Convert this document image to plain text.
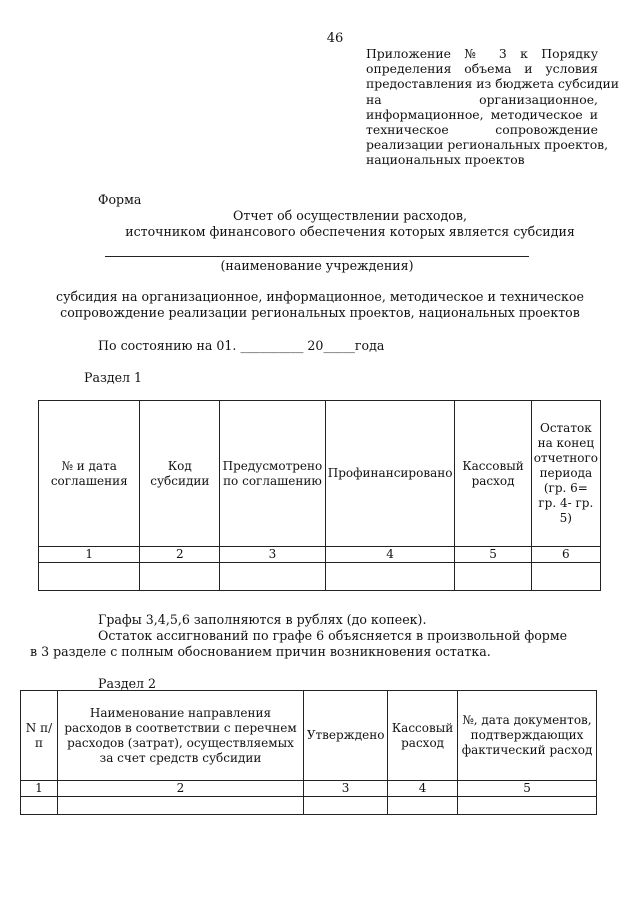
46
Приложение № 3 к Порядку
определения объема и условия
предоставления из бюджета субсидии
на организационное,
информационное, методическое и
техническое сопровождение
реализации региональных проектов,
национальных проектов
Форма
Отчет об осуществлении расходов,
источником финансового обеспечения которых является субсидия
(наименование учреждения)
субсидия на организационное, информационное, методическое и техническое
сопровождение реализации региональных проектов, национальных проектов
По состоянию на 01. __________ 20_____года
Раздел 1
№ и дата соглашения	Код субсидии	Предусмотрено по соглашению	Профинансировано	Кассовый расход	Остаток на конец отчетного периода (гр. 6= гр. 4- гр. 5)
1	2	3	4	5	6

Графы 3,4,5,6 заполняются в рублях (до копеек).
Остаток ассигнований по графе 6 объясняется в произвольной форме
в 3 разделе с полным обоснованием причин возникновения остатка.
Раздел 2
N п/п	Наименование направления расходов в соответствии с перечнем расходов (затрат), осуществляемых за счет средств субсидии	Утверждено	Кассовый расход	№, дата документов, подтверждающих фактический расход
1	2	3	4	5
